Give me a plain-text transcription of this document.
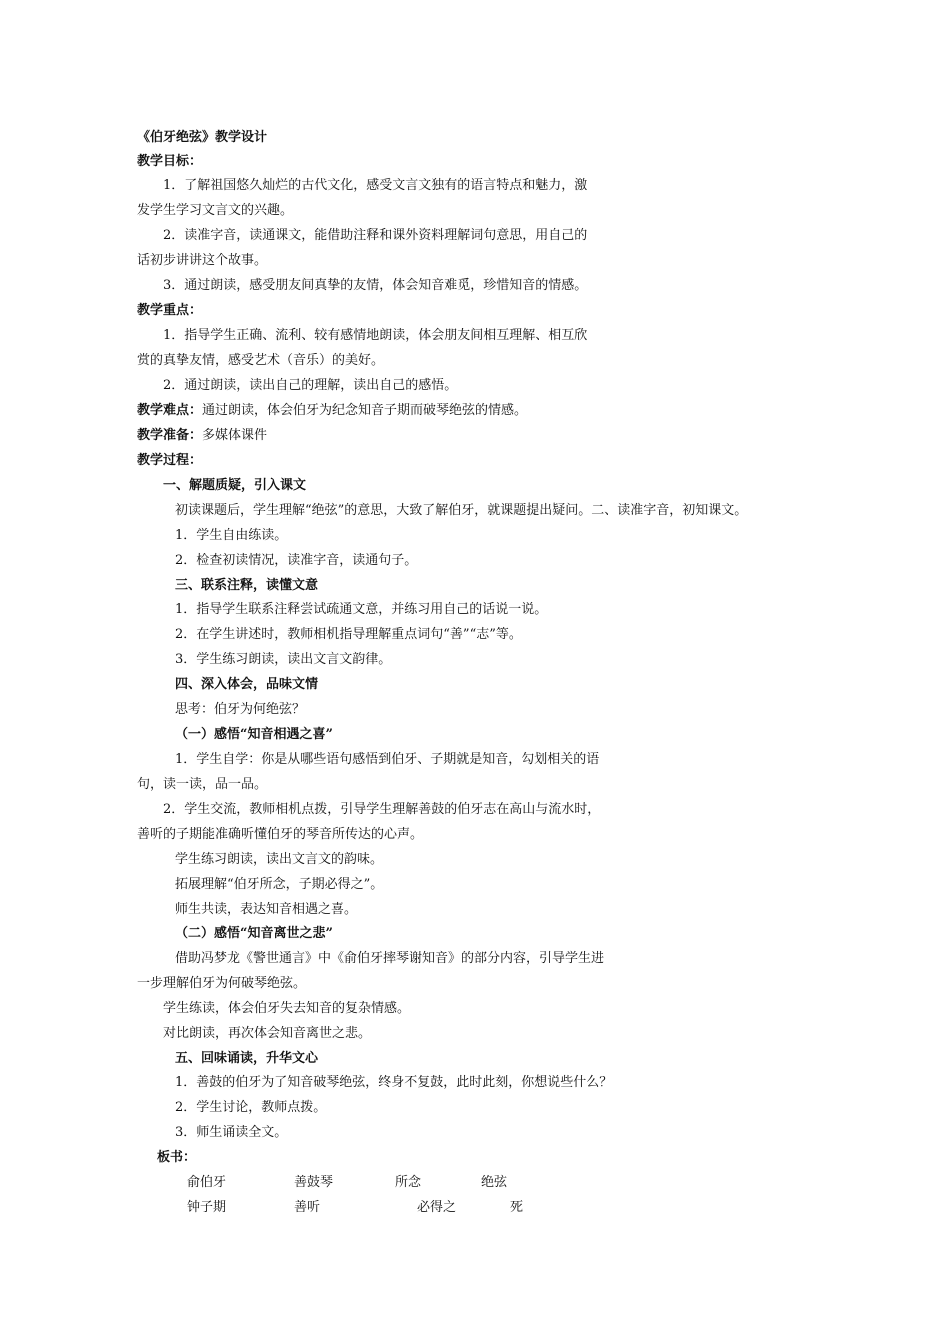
《伯牙绝弦》教学设计
教学目标：
1．了解祖国悠久灿烂的古代文化，感受文言文独有的语言特点和魅力，激
发学生学习文言文的兴趣。
2．读准字音，读通课文，能借助注释和课外资料理解词句意思，用自己的
话初步讲讲这个故事。
3．通过朗读，感受朋友间真挚的友情，体会知音难觅，珍惜知音的情感。
教学重点：
1．指导学生正确、流利、较有感情地朗读，体会朋友间相互理解、相互欣
赏的真挚友情，感受艺术（音乐）的美好。
2．通过朗读，读出自己的理解，读出自己的感悟。
教学难点：通过朗读，体会伯牙为纪念知音子期而破琴绝弦的情感。
教学准备：多媒体课件
教学过程：
一、解题质疑，引入课文
初读课题后，学生理解“绝弦”的意思，大致了解伯牙，就课题提出疑问。二、读准字音，初知课文。
1．学生自由练读。
2．检查初读情况，读准字音，读通句子。
三、联系注释，读懂文意
1．指导学生联系注释尝试疏通文意，并练习用自己的话说一说。
2．在学生讲述时，教师相机指导理解重点词句“善”“志”等。
3．学生练习朗读，读出文言文韵律。
四、深入体会，品味文情
思考：伯牙为何绝弦？
（一）感悟“知音相遇之喜”
1．学生自学：你是从哪些语句感悟到伯牙、子期就是知音，勾划相关的语
句，读一读，品一品。
2．学生交流，教师相机点拨，引导学生理解善鼓的伯牙志在高山与流水时，
善听的子期能准确听懂伯牙的琴音所传达的心声。
学生练习朗读，读出文言文的韵味。
拓展理解“伯牙所念，子期必得之”。
师生共读，表达知音相遇之喜。
（二）感悟“知音离世之悲”
借助冯梦龙《警世通言》中《俞伯牙摔琴谢知音》的部分内容，引导学生进
一步理解伯牙为何破琴绝弦。
学生练读，体会伯牙失去知音的复杂情感。
对比朗读，再次体会知音离世之悲。
五、回味诵读，升华文心
1．善鼓的伯牙为了知音破琴绝弦，终身不复鼓，此时此刻，你想说些什么？
2．学生讨论，教师点拨。
3．师生诵读全文。
板书：
俞伯牙	善鼓琴	所念	绝弦
钟子期	善听	必得之	死
